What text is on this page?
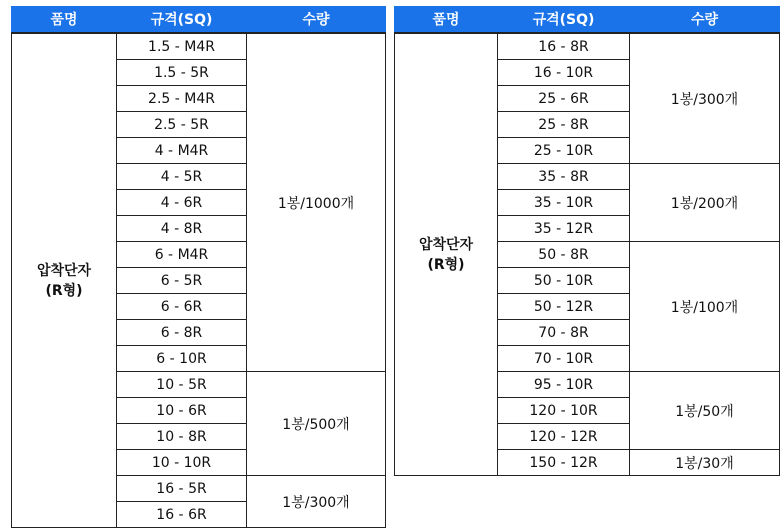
품명	규격(SQ)	수량
압착단자
(R형)	1.5 - M4R	1봉/1000개
	1.5 - 5R	
	2.5 - M4R	
	2.5 - 5R	
	4 - M4R	
	4 - 5R	
	4 - 6R	
	4 - 8R	
	6 - M4R	
	6 - 5R	
	6 - 6R	
	6 - 8R	
	6 - 10R	
	10 - 5R	1봉/500개
	10 - 6R	
	10 - 8R	
	10 - 10R	
	16 - 5R	1봉/300개
	16 - 6R	
품명	규격(SQ)	수량
압착단자
(R형)	16 - 8R	1봉/300개
	16 - 10R	
	25 - 6R	
	25 - 8R	
	25 - 10R	
	35 - 8R	1봉/200개
	35 - 10R	
	35 - 12R	
	50 - 8R	1봉/100개
	50 - 10R	
	50 - 12R	
	70 - 8R	
	70 - 10R	
	95 - 10R	1봉/50개
	120 - 10R	
	120 - 12R	
	150 - 12R	1봉/30개
